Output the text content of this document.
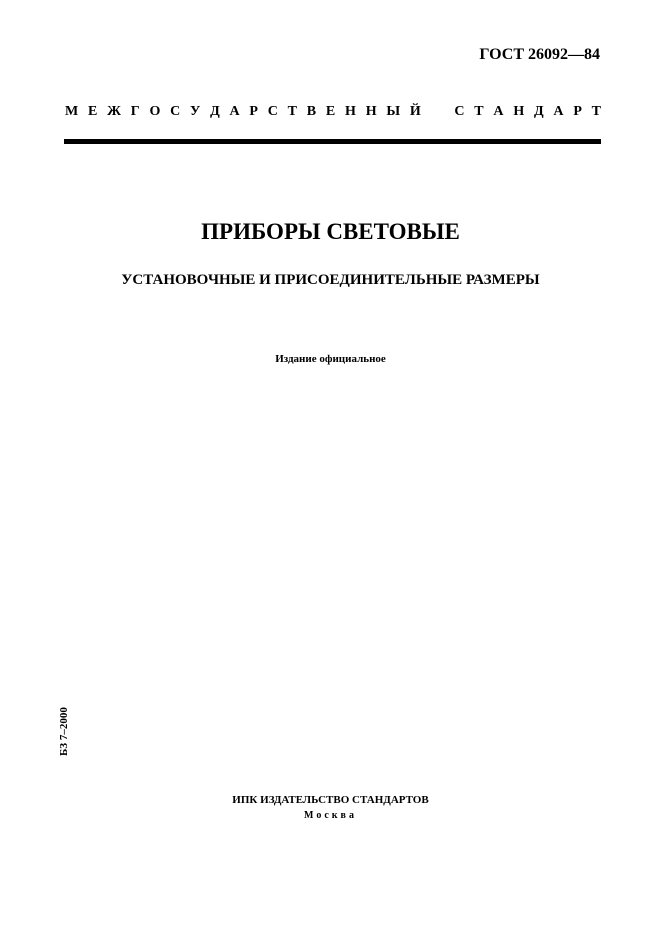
ГОСТ 26092—84
М Е Ж Г О С У Д А Р С Т В Е Н Н Ы Й С Т А Н Д А Р Т
ПРИБОРЫ СВЕТОВЫЕ
УСТАНОВОЧНЫЕ И ПРИСОЕДИНИТЕЛЬНЫЕ РАЗМЕРЫ
Издание официальное
БЗ 7–2000
ИПК ИЗДАТЕЛЬСТВО СТАНДАРТОВ
Москва
